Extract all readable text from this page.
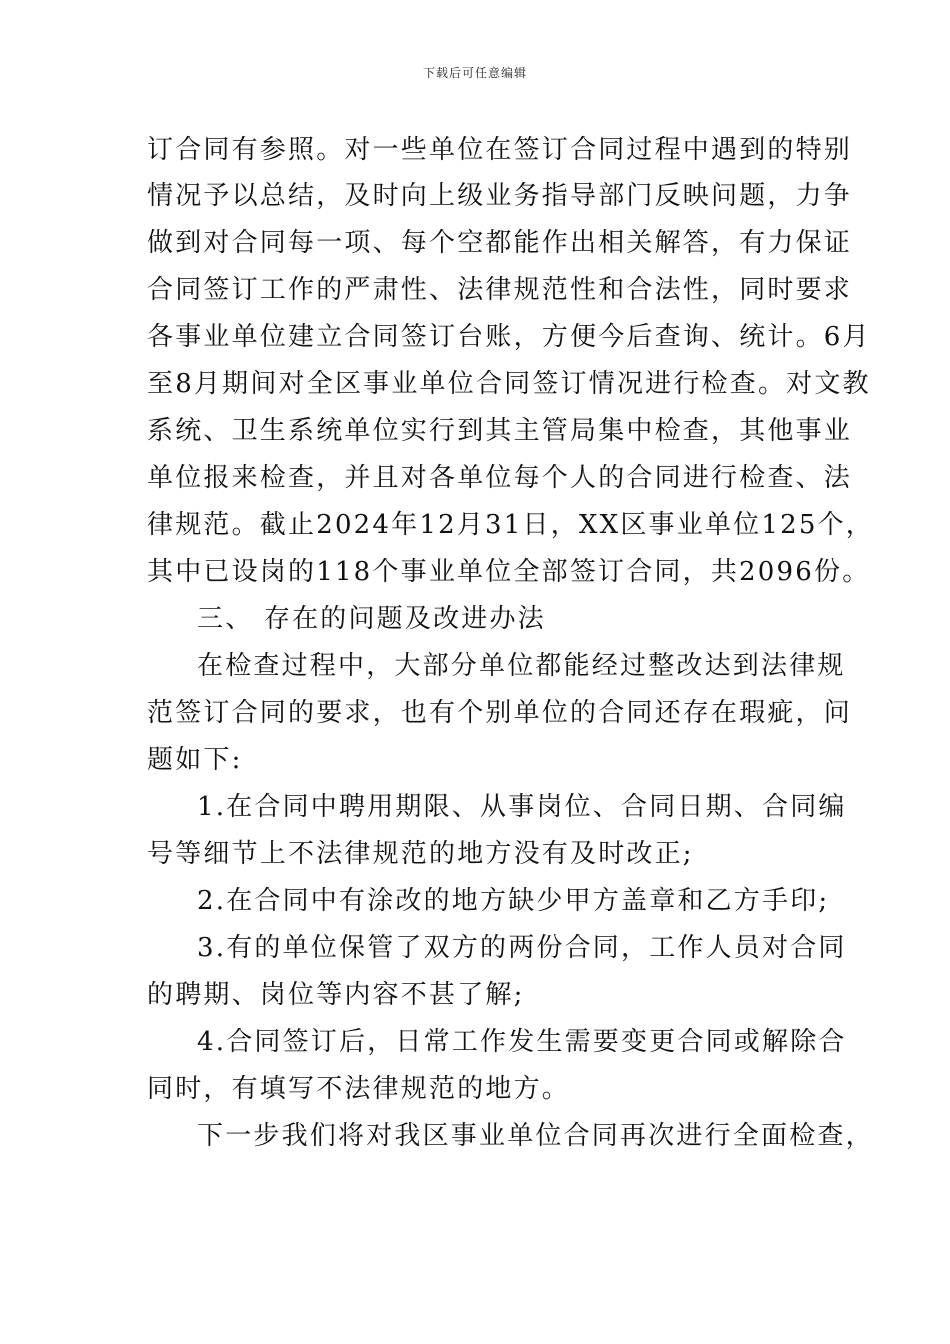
下载后可任意编辑
订合同有参照。对一些单位在签订合同过程中遇到的特别
情况予以总结，及时向上级业务指导部门反映问题，力争
做到对合同每一项、每个空都能作出相关解答，有力保证
合同签订工作的严肃性、法律规范性和合法性，同时要求
各事业单位建立合同签订台账，方便今后查询、统计。6月
至8月期间对全区事业单位合同签订情况进行检查。对文教
系统、卫生系统单位实行到其主管局集中检查，其他事业
单位报来检查，并且对各单位每个人的合同进行检查、法
律规范。截止2024年12月31日，XX区事业单位125个，
其中已设岗的118个事业单位全部签订合同，共2096份。
三、 存在的问题及改进办法
在检查过程中，大部分单位都能经过整改达到法律规
范签订合同的要求，也有个别单位的合同还存在瑕疵，问
题如下:
1.在合同中聘用期限、从事岗位、合同日期、合同编
号等细节上不法律规范的地方没有及时改正;
2.在合同中有涂改的地方缺少甲方盖章和乙方手印;
3.有的单位保管了双方的两份合同，工作人员对合同
的聘期、岗位等内容不甚了解;
4.合同签订后，日常工作发生需要变更合同或解除合
同时，有填写不法律规范的地方。
下一步我们将对我区事业单位合同再次进行全面检查，
